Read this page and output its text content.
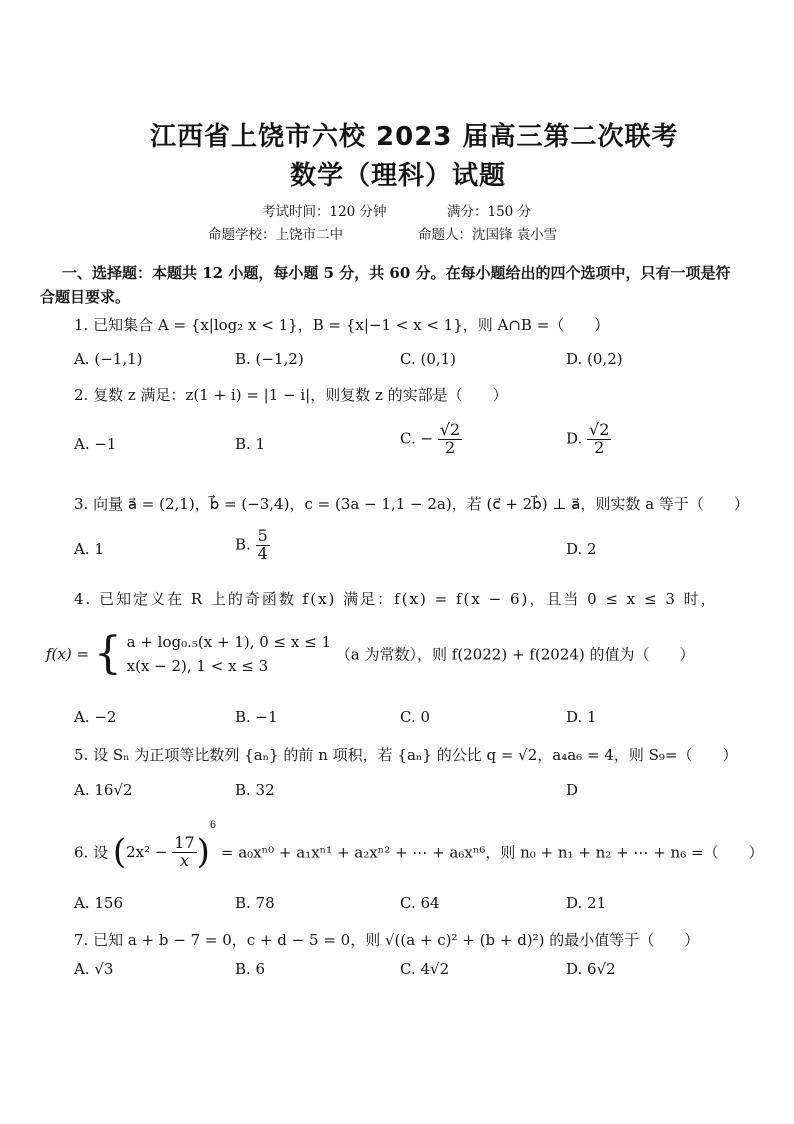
江西省上饶市六校 2023 届高三第二次联考
数学（理科）试题
考试时间：120 分钟	满分：150 分
命题学校：上饶市二中	命题人：沈国锋 袁小雪
一、选择题：本题共 12 小题，每小题 5 分，共 60 分。在每小题给出的四个选项中，只有一项是符
合题目要求。
1. 已知集合 A = {x|log₂ x < 1}，B = {x|−1 < x < 1}，则 A∩B =（　　）
A. (−1,1)	B. (−1,2)	C. (0,1)	D. (0,2)
2. 复数 z 满足：z(1 + i) = |1 − i|，则复数 z 的实部是（　　）
A. −1	B. 1	C. − $\frac{√2}{2}$	D. $\frac{√2}{2}$
3. 向量 a⃗ = (2,1)，b⃗ = (−3,4)，c = (3a − 1,1 − 2a)，若 (c⃗ + 2b⃗) ⊥ a⃗，则实数 a 等于（　　）
A. 1	B. $\frac{5}{4}$	D. 2
4. 已知定义在 R 上的奇函数 f(x) 满足：f(x) = f(x − 6)，且当 0 ≤ x ≤ 3 时，
f(x) = { a + log₀.₅(x + 1), 0 ≤ x ≤ 1
x(x − 2), 1 < x ≤ 3 （a 为常数），则 f(2022) + f(2024) 的值为（　　）
A. −2	B. −1	C. 0	D. 1
5. 设 Sₙ 为正项等比数列 {aₙ} 的前 n 项积，若 {aₙ} 的公比 q = √2，a₄a₆ = 4，则 S₉=（　　）
A. 16√2	B. 32	D
6. 设 $(2x^2 - \frac{17}{x} )^6 = a_0x^{n0} + a_1x^{n1} + a_2x^{n2}$ + ⋯ + a₆xⁿ⁶，则 n₀ + n₁ + n₂ + ⋯ + n₆ =（　　）
A. 156	B. 78	C. 64	D. 21
7. 已知 a + b − 7 = 0，c + d − 5 = 0，则 √((a + c)² + (b + d)²) 的最小值等于（　　）
A. √3	B. 6	C. 4√2	D. 6√2
